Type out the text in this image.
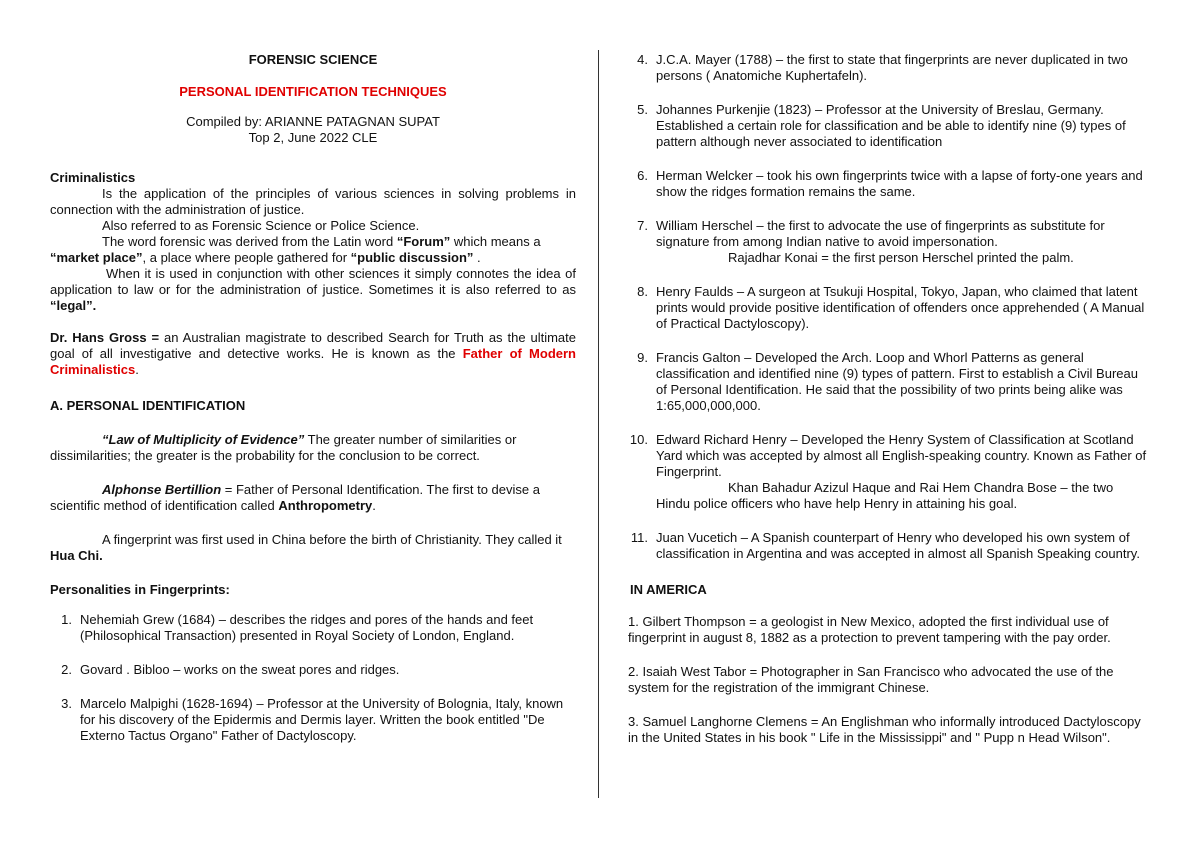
FORENSIC SCIENCE

PERSONAL IDENTIFICATION TECHNIQUES

Compiled by: ARIANNE PATAGNAN SUPAT

Top 2, June 2022 CLE

Criminalistics

Is the application of the principles of various sciences in solving problems in connection with the administration of justice.

Also referred to as Forensic Science or Police Science.

The word forensic was derived from the Latin word “Forum” which means a “market place”, a place where people gathered for “public discussion” .

When it is used in conjunction with other sciences it simply connotes the idea of application to law or for the administration of justice. Sometimes it is also referred to as “legal”.

Dr. Hans Gross = an Australian magistrate to described Search for Truth as the ultimate goal of all investigative and detective works. He is known as the Father of Modern Criminalistics.

A. PERSONAL IDENTIFICATION

“Law of Multiplicity of Evidence” The greater number of similarities or dissimilarities; the greater is the probability for the conclusion to be correct.

Alphonse Bertillion = Father of Personal Identification. The first to devise a scientific method of identification called Anthropometry.

A fingerprint was first used in China before the birth of Christianity. They called it Hua Chi.

Personalities in Fingerprints:

1. Nehemiah Grew (1684) – describes the ridges and pores of the hands and feet (Philosophical Transaction) presented in Royal Society of London, England.
2. Govard . Bibloo – works on the sweat pores and ridges.
3. Marcelo Malpighi (1628-1694) – Professor at the University of Bolognia, Italy, known for his discovery of the Epidermis and Dermis layer. Written the book entitled "De Externo Tactus Organo" Father of Dactyloscopy.
4. J.C.A. Mayer (1788) – the first to state that fingerprints are never duplicated in two persons ( Anatomiche Kuphertafeln).
5. Johannes Purkenjie (1823) – Professor at the University of Breslau, Germany. Established a certain role for classification and be able to identify nine (9) types of pattern although never associated to identification
6. Herman Welcker – took his own fingerprints twice with a lapse of forty-one years and show the ridges formation remains the same.
7. William Herschel – the first to advocate the use of fingerprints as substitute for signature from among Indian native to avoid impersonation.
Rajadhar Konai = the first person Herschel printed the palm.
8. Henry Faulds – A surgeon at Tsukuji Hospital, Tokyo, Japan, who claimed that latent prints would provide positive identification of offenders once apprehended ( A Manual of Practical Dactyloscopy).
9. Francis Galton – Developed the Arch. Loop and Whorl Patterns as general classification and identified nine (9) types of pattern. First to establish a Civil Bureau of Personal Identification. He said that the possibility of two prints being alike was 1:65,000,000,000.
10. Edward Richard Henry – Developed the Henry System of Classification at Scotland Yard which was accepted by almost all English-speaking country. Known as Father of Fingerprint.
Khan Bahadur Azizul Haque and Rai Hem Chandra Bose – the two Hindu police officers who have help Henry in attaining his goal.
11. Juan Vucetich – A Spanish counterpart of Henry who developed his own system of classification in Argentina and was accepted in almost all Spanish Speaking country.

IN AMERICA

1. Gilbert Thompson = a geologist in New Mexico, adopted the first individual use of fingerprint in august 8, 1882 as a protection to prevent tampering with the pay order.

2. Isaiah West Tabor = Photographer in San Francisco who advocated the use of the system for the registration of the immigrant Chinese.

3. Samuel Langhorne Clemens = An Englishman who informally introduced Dactyloscopy in the United States in his book " Life in the Mississippi" and " Pupp n Head Wilson".
